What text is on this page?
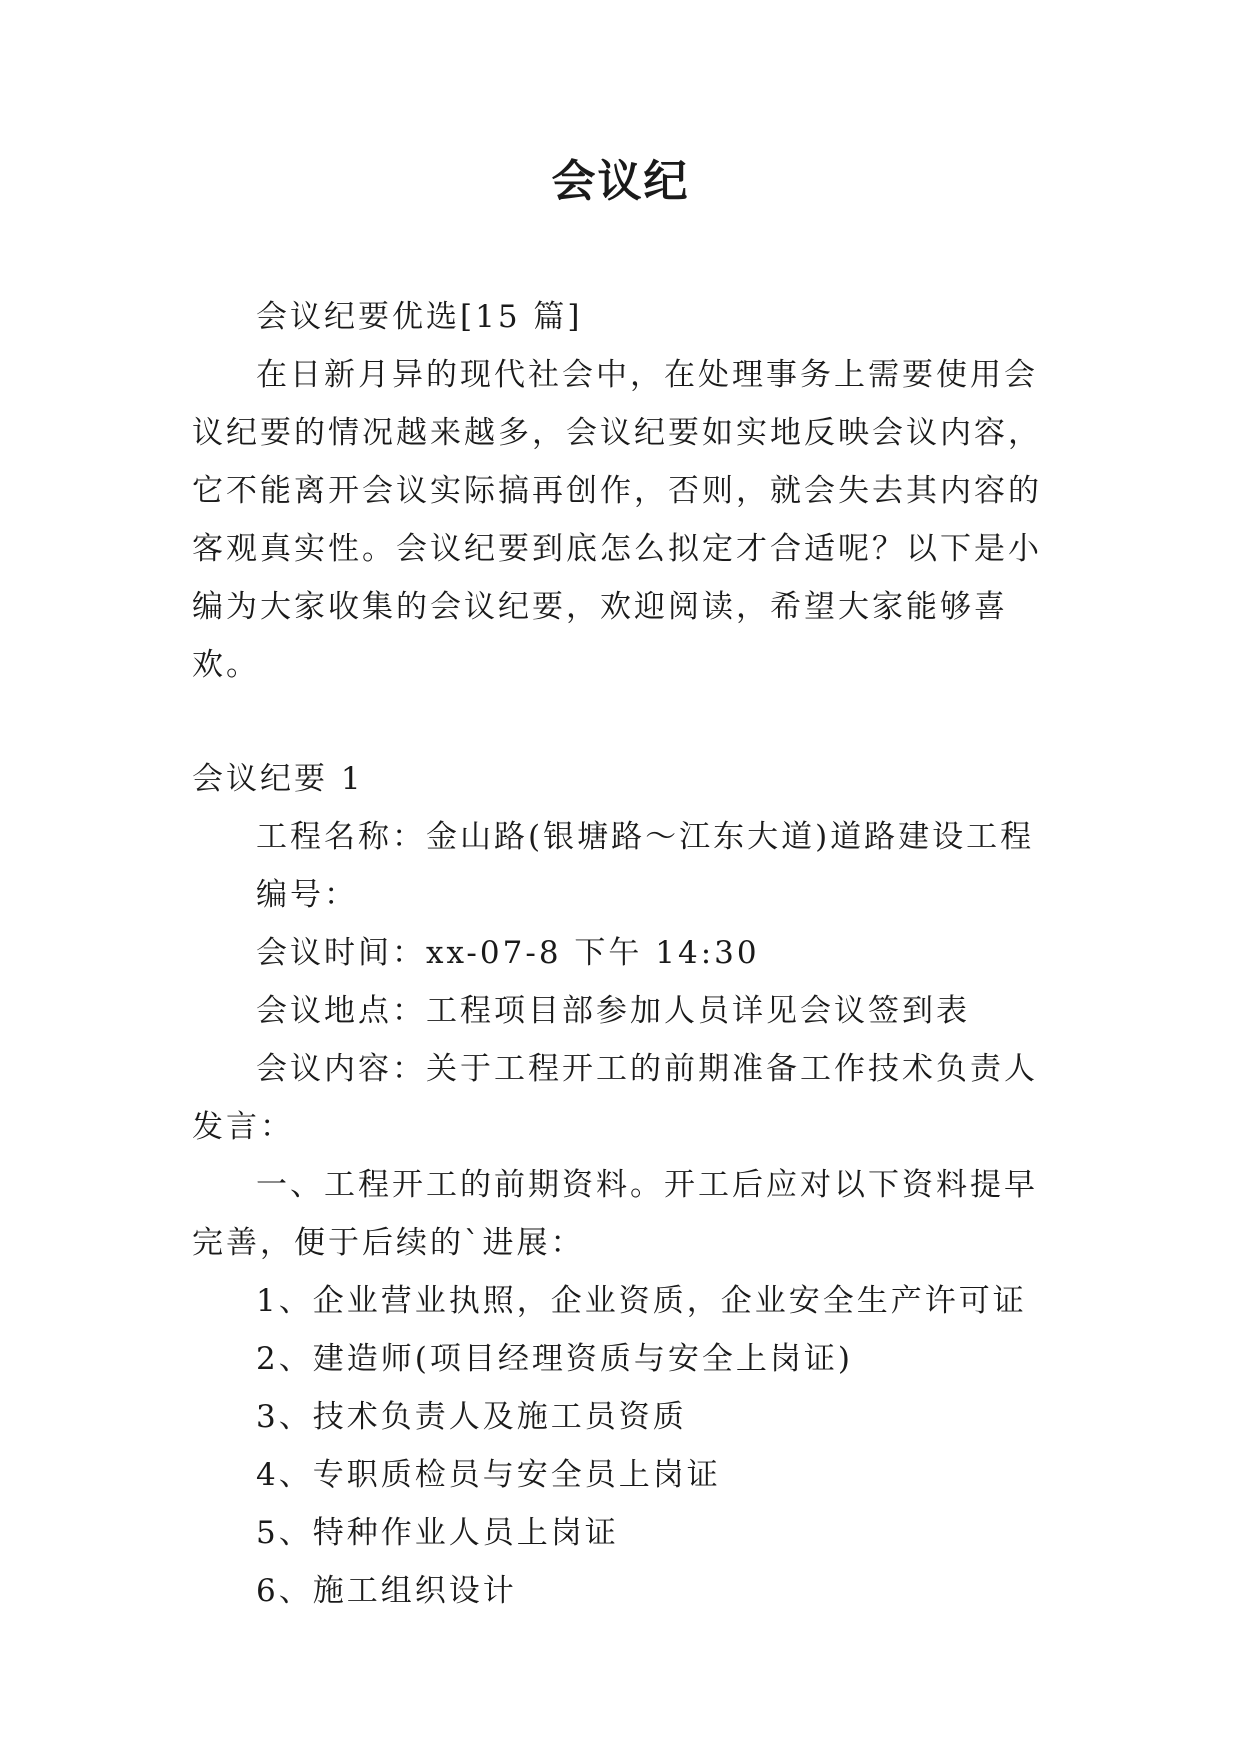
会议纪

会议纪要优选[15 篇]

在日新月异的现代社会中，在处理事务上需要使用会议纪要的情况越来越多，会议纪要如实地反映会议内容，它不能离开会议实际搞再创作，否则，就会失去其内容的客观真实性。会议纪要到底怎么拟定才合适呢？以下是小编为大家收集的会议纪要，欢迎阅读，希望大家能够喜欢。

会议纪要 1

工程名称：金山路(银塘路～江东大道)道路建设工程

编号：

会议时间：xx-07-8 下午 14:30

会议地点：工程项目部参加人员详见会议签到表

会议内容：关于工程开工的前期准备工作技术负责人发言：

一、工程开工的前期资料。开工后应对以下资料提早完善，便于后续的`进展：

1、企业营业执照，企业资质，企业安全生产许可证

2、建造师(项目经理资质与安全上岗证)

3、技术负责人及施工员资质

4、专职质检员与安全员上岗证

5、特种作业人员上岗证

6、施工组织设计
